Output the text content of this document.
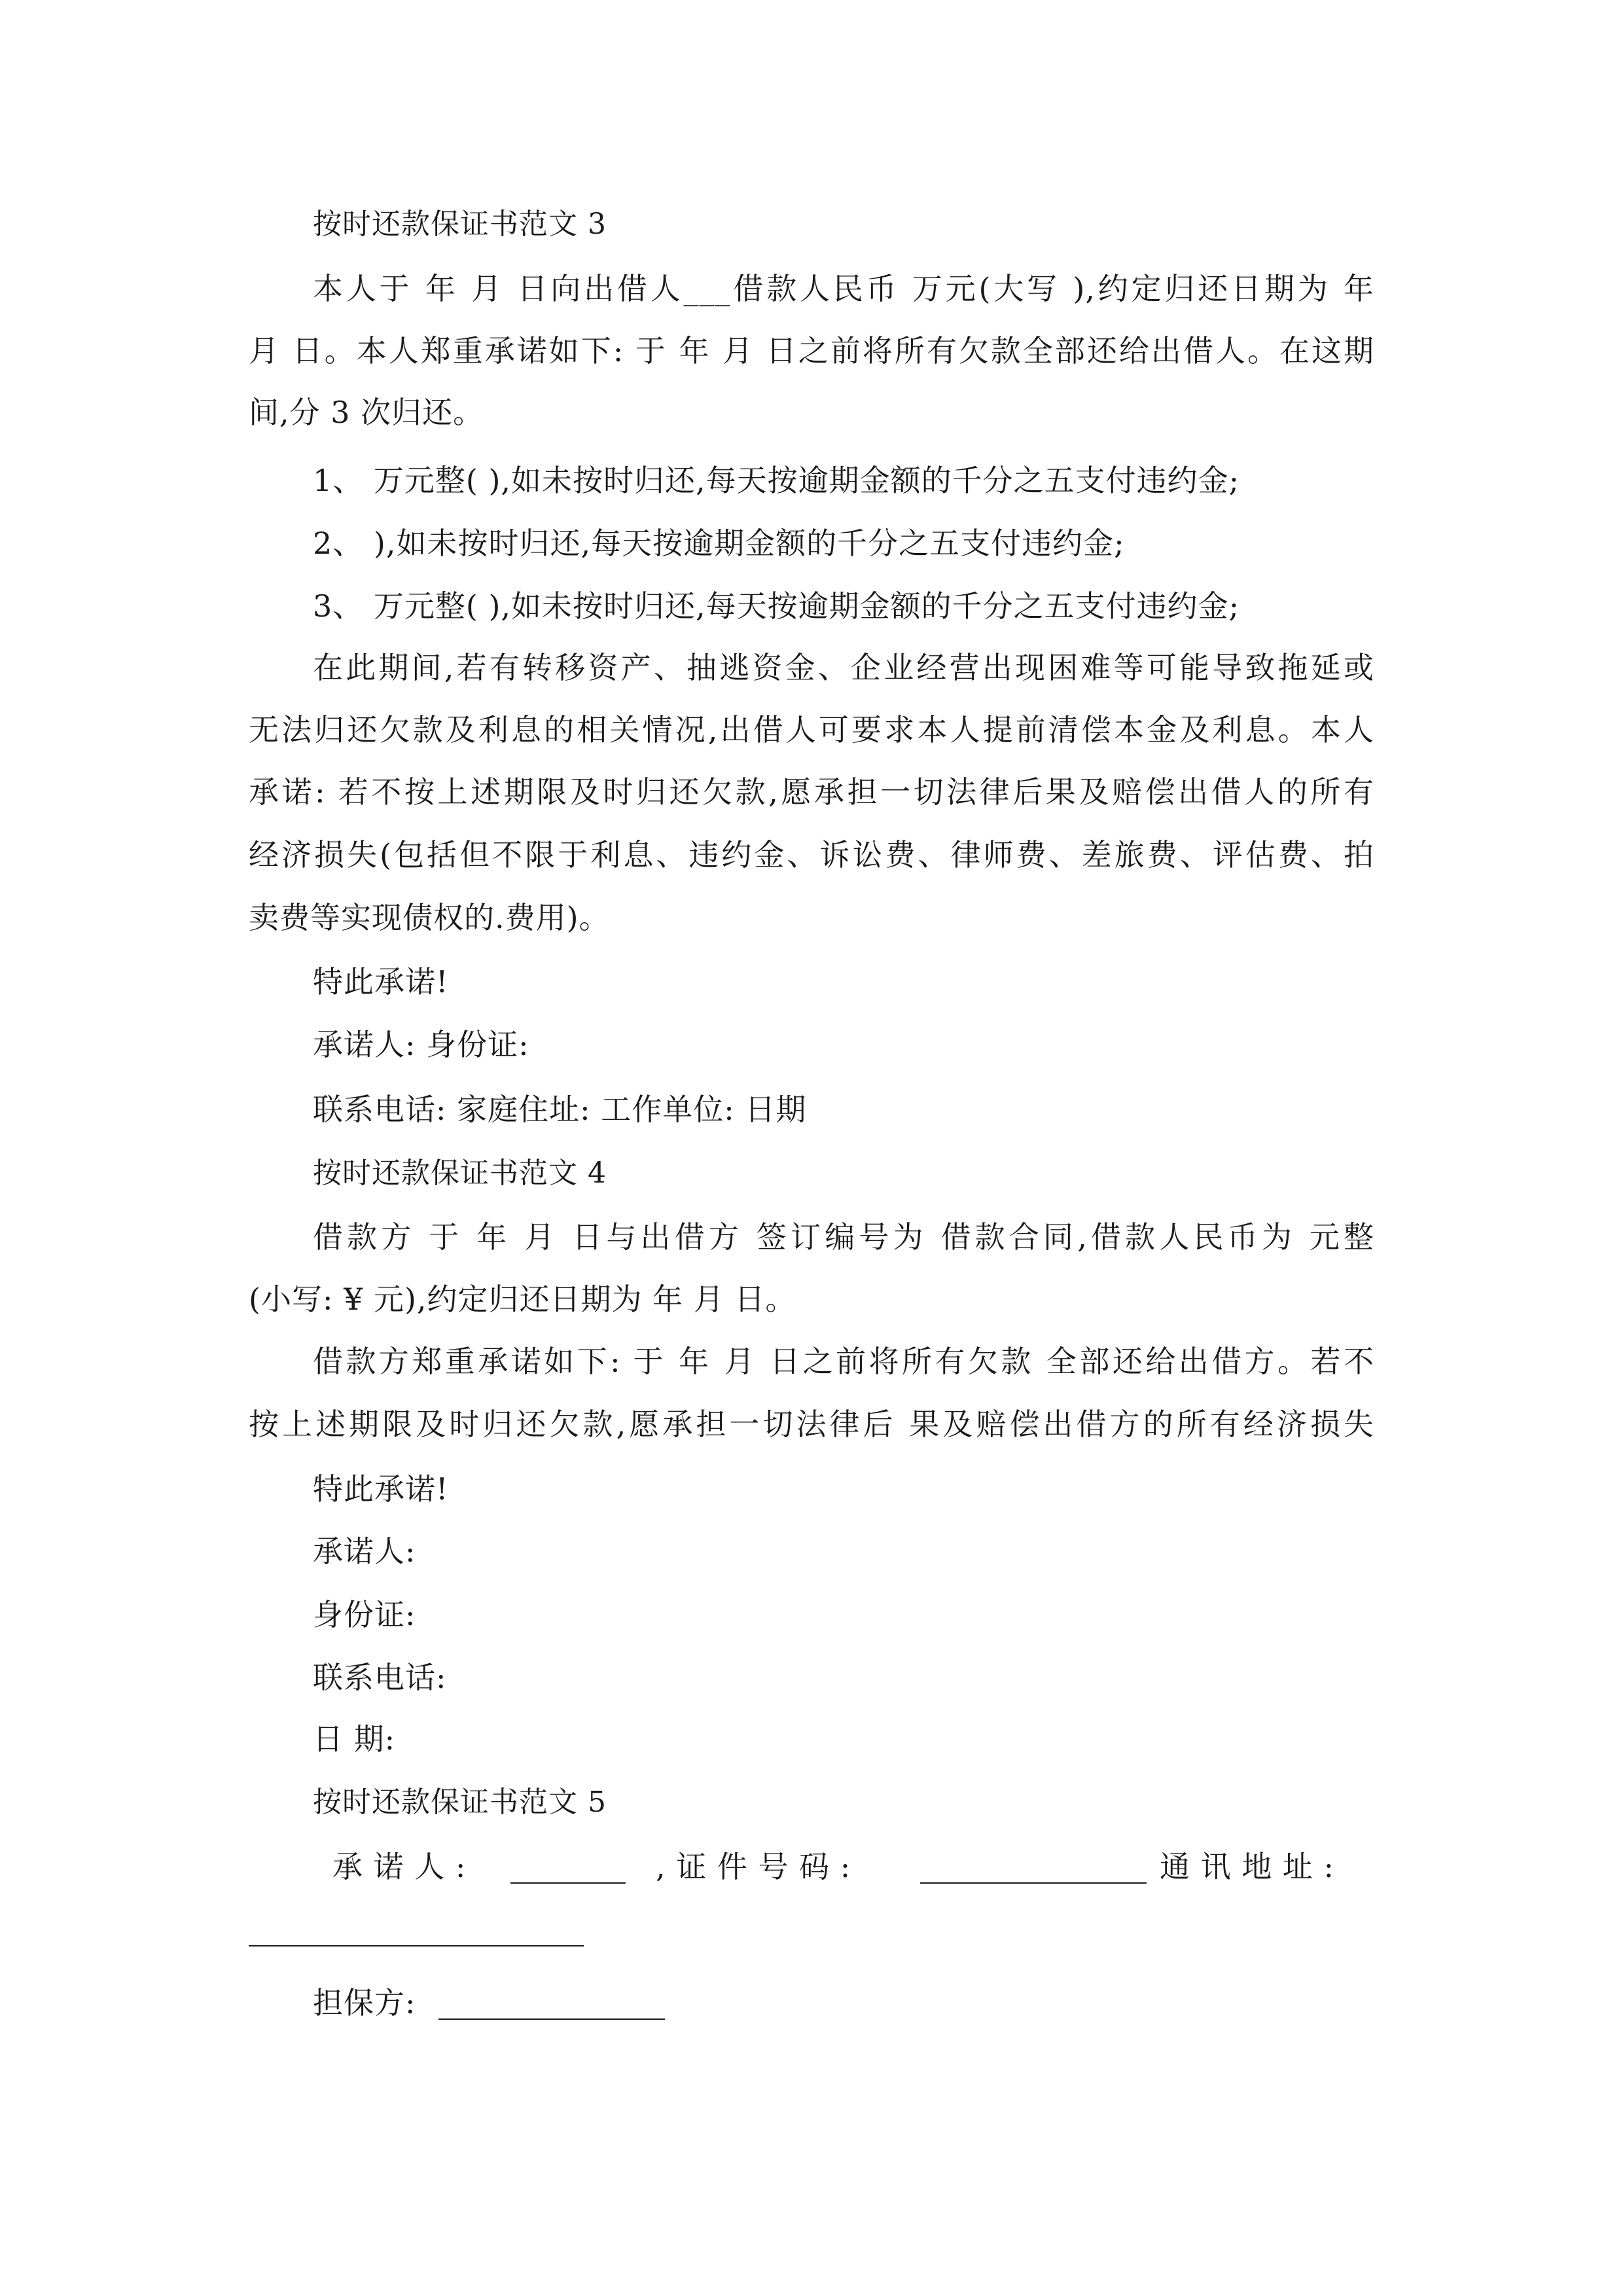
按时还款保证书范文 3
本人于 年 月 日向出借人___借款人民币 万元(大写 ),约定归还日期为 年
月 日。本人郑重承诺如下: 于 年 月 日之前将所有欠款全部还给出借人。在这期
间,分 3 次归还。
1、 万元整( ),如未按时归还,每天按逾期金额的千分之五支付违约金;
2、 ),如未按时归还,每天按逾期金额的千分之五支付违约金;
3、 万元整( ),如未按时归还,每天按逾期金额的千分之五支付违约金;
在此期间,若有转移资产、抽逃资金、企业经营出现困难等可能导致拖延或
无法归还欠款及利息的相关情况,出借人可要求本人提前清偿本金及利息。本人
承诺: 若不按上述期限及时归还欠款,愿承担一切法律后果及赔偿出借人的所有
经济损失(包括但不限于利息、违约金、诉讼费、律师费、差旅费、评估费、拍
卖费等实现债权的.费用)。
特此承诺!
承诺人: 身份证:
联系电话: 家庭住址: 工作单位: 日期
按时还款保证书范文 4
借款方 于 年 月 日与出借方 签订编号为 借款合同,借款人民币为 元整
(小写: ¥ 元),约定归还日期为 年 月 日。
借款方郑重承诺如下: 于 年 月 日之前将所有欠款 全部还给出借方。若不
按上述期限及时归还欠款,愿承担一切法律后 果及赔偿出借方的所有经济损失
特此承诺!
承诺人:
身份证:
联系电话:
日 期:
按时还款保证书范文 5
承 诺 人 :	, 证 件 号 码 :	通 讯 地 址 :
担保方:
